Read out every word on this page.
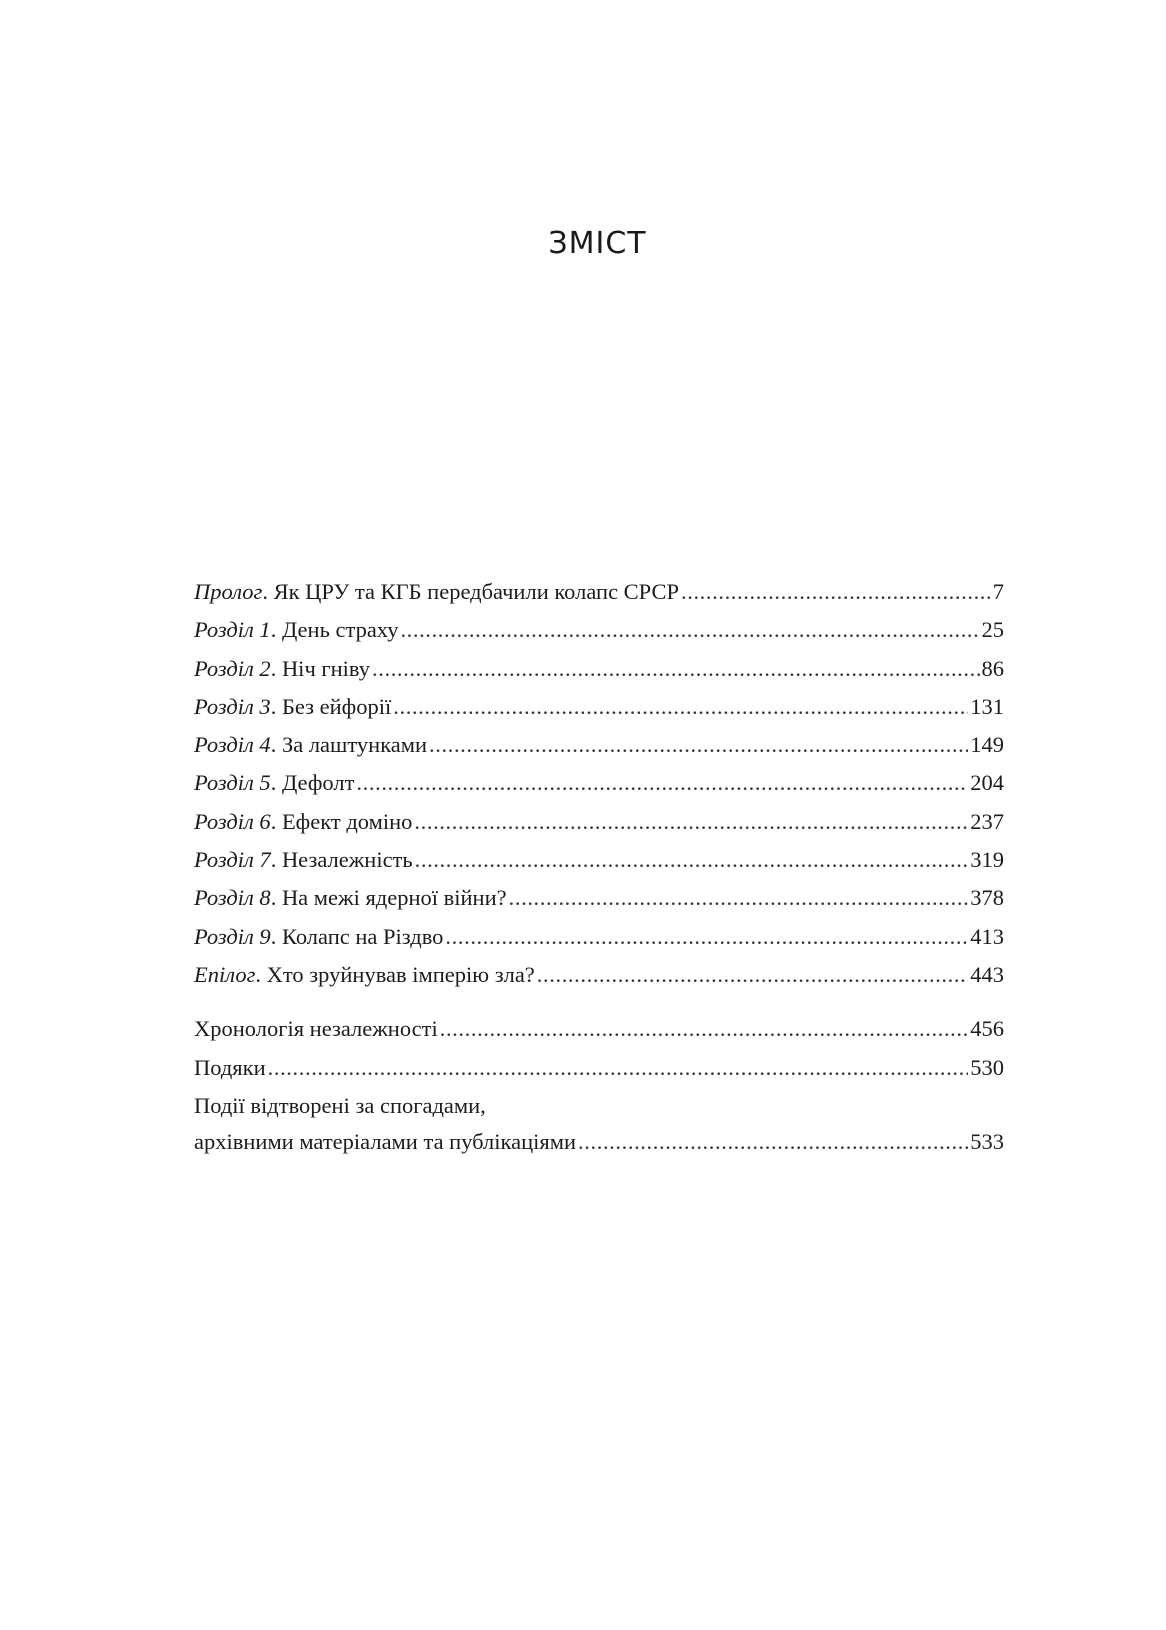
ЗМІСТ
Пролог. Як ЦРУ та КГБ передбачили колапс СРСР .....	7
Розділ 1. День страху .....	25
Розділ 2. Ніч гніву .....	86
Розділ 3. Без ейфорії .....	131
Розділ 4. За лаштунками .....	149
Розділ 5. Дефолт .....	204
Розділ 6. Ефект доміно .....	237
Розділ 7. Незалежність .....	319
Розділ 8. На межі ядерної війни? .....	378
Розділ 9. Колапс на Різдво .....	413
Епілог. Хто зруйнував імперію зла? .....	443
Хронологія незалежності .....	456
Подяки .....	530
Події відтворені за спогадами,
архівними матеріалами та публікаціями .....	533
